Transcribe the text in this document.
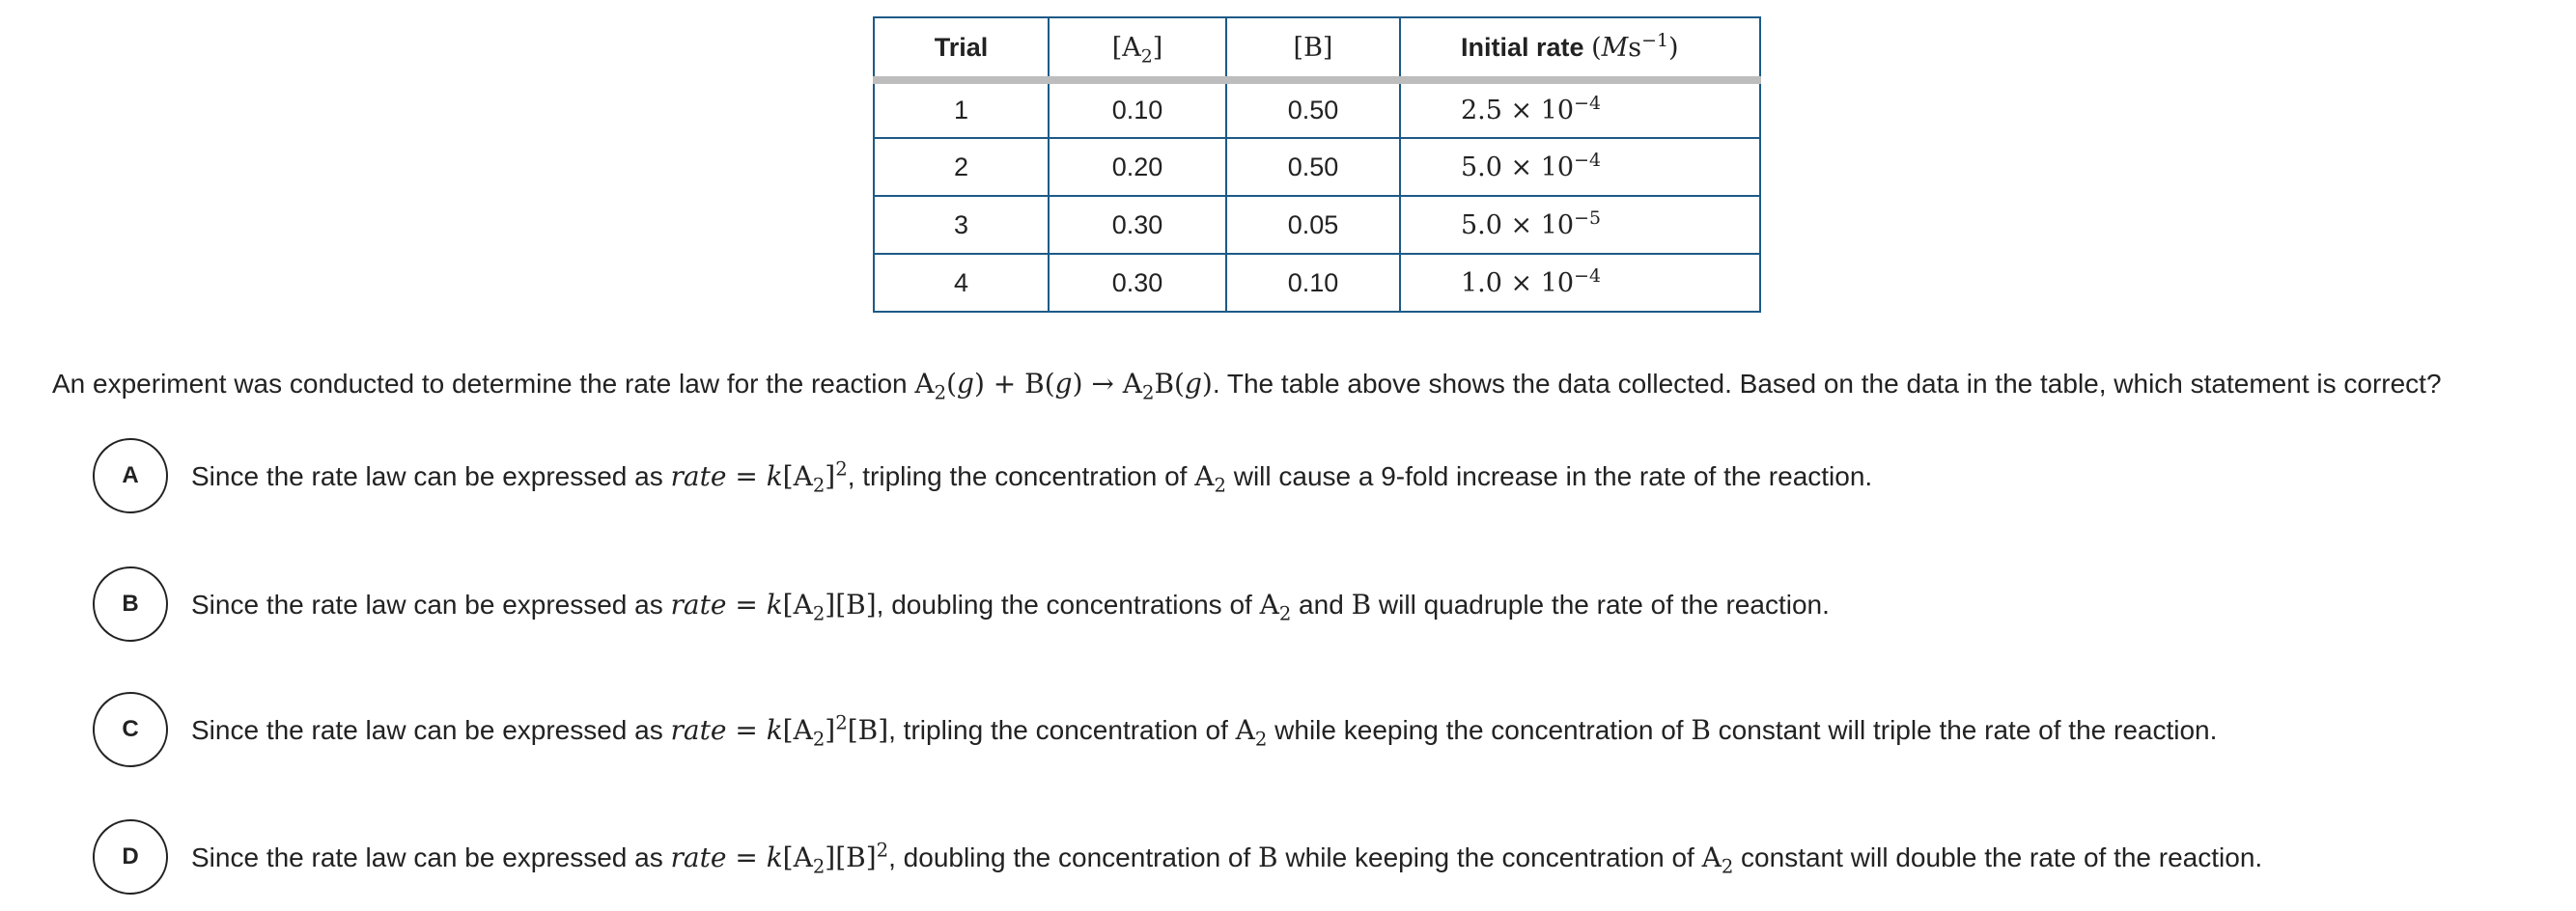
Trial	$[A_2]$	[B]	Initial rate $(Ms^{-1})$
1	0.10	0.50	$2.5 \times 10^{-4}$
2	0.20	0.50	$5.0 \times 10^{-4}$
3	0.30	0.05	$5.0 \times 10^{-5}$
4	0.30	0.10	$1.0 \times 10^{-4}$
An experiment was conducted to determine the rate law for the reaction $A_2(g) + B(g) \to A_2B(g)$. The table above shows the data collected. Based on the data in the table, which statement is correct?
A	Since the rate law can be expressed as rate = $k[A_2]^2$, tripling the concentration of $A_2$ will cause a 9-fold increase in the rate of the reaction.
B	Since the rate law can be expressed as rate = $k[A_2][B]$, doubling the concentrations of $A_2$ and B will quadruple the rate of the reaction.
C	Since the rate law can be expressed as rate = $k[A_2]^2[B]$, tripling the concentration of $A_2$ while keeping the concentration of B constant will triple the rate of the reaction.
D	Since the rate law can be expressed as rate = $k[A_2][B]^2$, doubling the concentration of B while keeping the concentration of $A_2$ constant will double the rate of the reaction.
